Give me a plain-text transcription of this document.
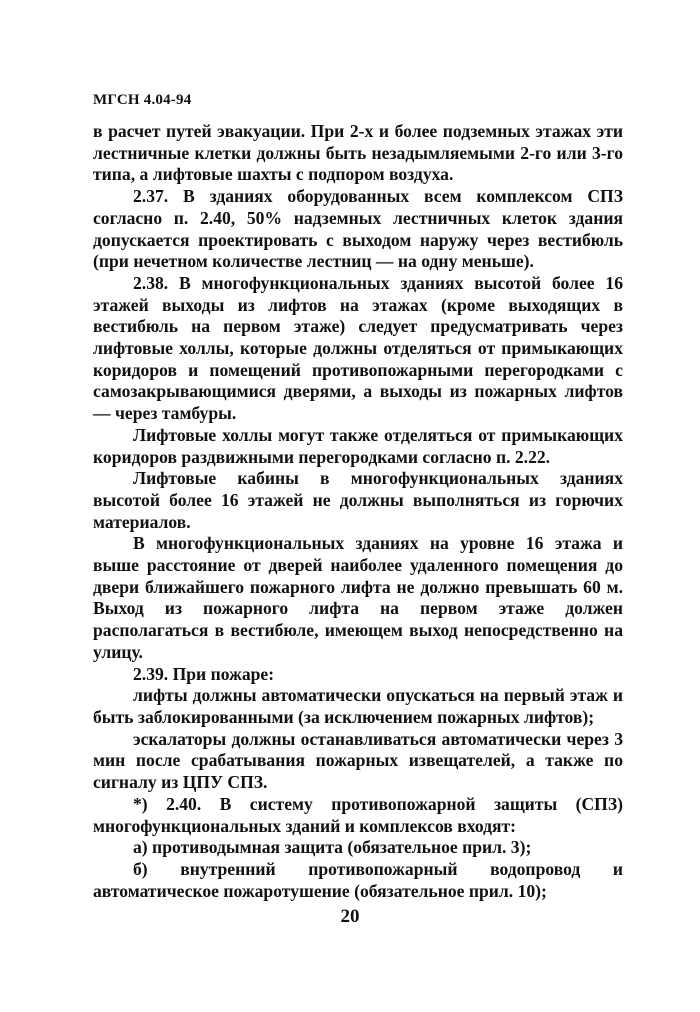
МГСН 4.04-94

в расчет путей эвакуации. При 2-х и более подземных этажах эти лестничные клетки должны быть незадымляемыми 2-го или 3-го типа, а лифтовые шахты с подпором воздуха.

2.37. В зданиях оборудованных всем комплексом СПЗ согласно п. 2.40, 50% надземных лестничных клеток здания допускается проектировать с выходом наружу через вестибюль (при нечетном количестве лестниц — на одну меньше).

2.38. В многофункциональных зданиях высотой более 16 этажей выходы из лифтов на этажах (кроме выходящих в вестибюль на первом этаже) следует предусматривать через лифтовые холлы, которые должны отделяться от примыкающих коридоров и помещений противопожарными перегородками с самозакрывающимися дверями, а выходы из пожарных лифтов — через тамбуры.

Лифтовые холлы могут также отделяться от примыкающих коридоров раздвижными перегородками согласно п. 2.22.

Лифтовые кабины в многофункциональных зданиях высотой более 16 этажей не должны выполняться из горючих материалов.

В многофункциональных зданиях на уровне 16 этажа и выше расстояние от дверей наиболее удаленного помещения до двери ближайшего пожарного лифта не должно превышать 60 м. Выход из пожарного лифта на первом этаже должен располагаться в вестибюле, имеющем выход непосредственно на улицу.

2.39. При пожаре:

лифты должны автоматически опускаться на первый этаж и быть заблокированными (за исключением пожарных лифтов);

эскалаторы должны останавливаться автоматически через 3 мин после срабатывания пожарных извещателей, а также по сигналу из ЦПУ СПЗ.

*) 2.40. В систему противопожарной защиты (СПЗ) многофункциональных зданий и комплексов входят:

а) противодымная защита (обязательное прил. 3);

б) внутренний противопожарный водопровод и автоматическое пожаротушение (обязательное прил. 10);

20
